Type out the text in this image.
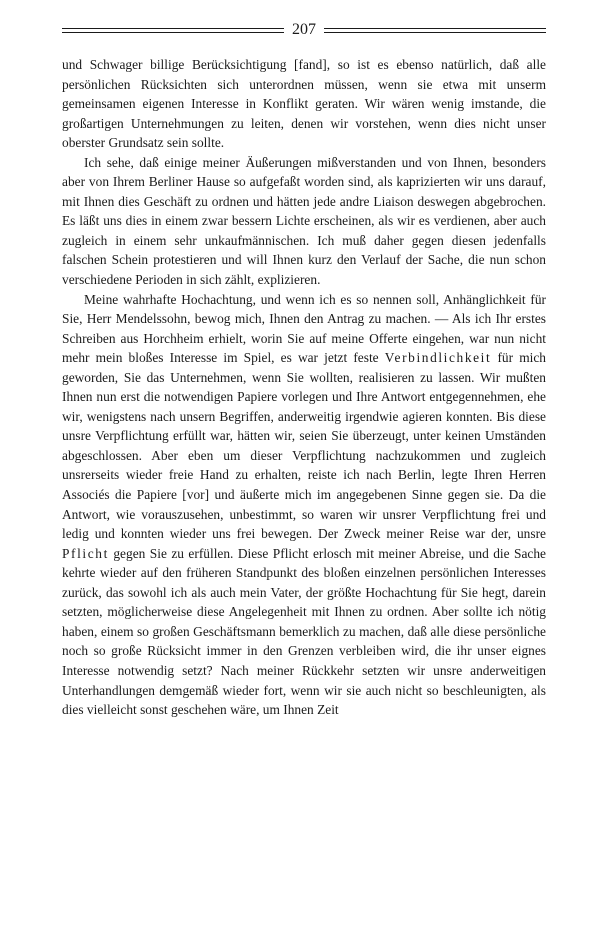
207

und Schwager billige Berücksichtigung [fand], so ist es ebenso natürlich, daß alle persönlichen Rücksichten sich unterordnen müssen, wenn sie etwa mit unserm gemeinsamen eigenen Interesse in Konflikt geraten. Wir wären wenig imstande, die großartigen Unternehmungen zu leiten, denen wir vorstehen, wenn dies nicht unser oberster Grundsatz sein sollte.

Ich sehe, daß einige meiner Äußerungen mißverstanden und von Ihnen, besonders aber von Ihrem Berliner Hause so aufgefaßt worden sind, als kaprizierten wir uns darauf, mit Ihnen dies Geschäft zu ordnen und hätten jede andre Liaison deswegen abgebrochen. Es läßt uns dies in einem zwar bessern Lichte erscheinen, als wir es verdienen, aber auch zugleich in einem sehr unkaufmännischen. Ich muß daher gegen diesen jedenfalls falschen Schein protestieren und will Ihnen kurz den Verlauf der Sache, die nun schon verschiedene Perioden in sich zählt, explizieren.

Meine wahrhafte Hochachtung, und wenn ich es so nennen soll, Anhänglichkeit für Sie, Herr Mendelssohn, bewog mich, Ihnen den Antrag zu machen. — Als ich Ihr erstes Schreiben aus Horchheim erhielt, worin Sie auf meine Offerte eingehen, war nun nicht mehr mein bloßes Interesse im Spiel, es war jetzt feste Verbindlichkeit für mich geworden, Sie das Unternehmen, wenn Sie wollten, realisieren zu lassen. Wir mußten Ihnen nun erst die notwendigen Papiere vorlegen und Ihre Antwort entgegennehmen, ehe wir, wenigstens nach unsern Begriffen, anderweitig irgendwie agieren konnten. Bis diese unsre Verpflichtung erfüllt war, hätten wir, seien Sie überzeugt, unter keinen Umständen abgeschlossen. Aber eben um dieser Verpflichtung nachzukommen und zugleich unsrerseits wieder freie Hand zu erhalten, reiste ich nach Berlin, legte Ihren Herren Associés die Papiere [vor] und äußerte mich im angegebenen Sinne gegen sie. Da die Antwort, wie vorauszusehen, unbestimmt, so waren wir unsrer Verpflichtung frei und ledig und konnten wieder uns frei bewegen. Der Zweck meiner Reise war der, unsre Pflicht gegen Sie zu erfüllen. Diese Pflicht erlosch mit meiner Abreise, und die Sache kehrte wieder auf den früheren Standpunkt des bloßen einzelnen persönlichen Interesses zurück, das sowohl ich als auch mein Vater, der größte Hochachtung für Sie hegt, darein setzten, möglicherweise diese Angelegenheit mit Ihnen zu ordnen. Aber sollte ich nötig haben, einem so großen Geschäftsmann bemerklich zu machen, daß alle diese persönliche noch so große Rücksicht immer in den Grenzen verbleiben wird, die ihr unser eignes Interesse notwendig setzt? Nach meiner Rückkehr setzten wir unsre anderweitigen Unterhandlungen demgemäß wieder fort, wenn wir sie auch nicht so beschleunigten, als dies vielleicht sonst geschehen wäre, um Ihnen Zeit
